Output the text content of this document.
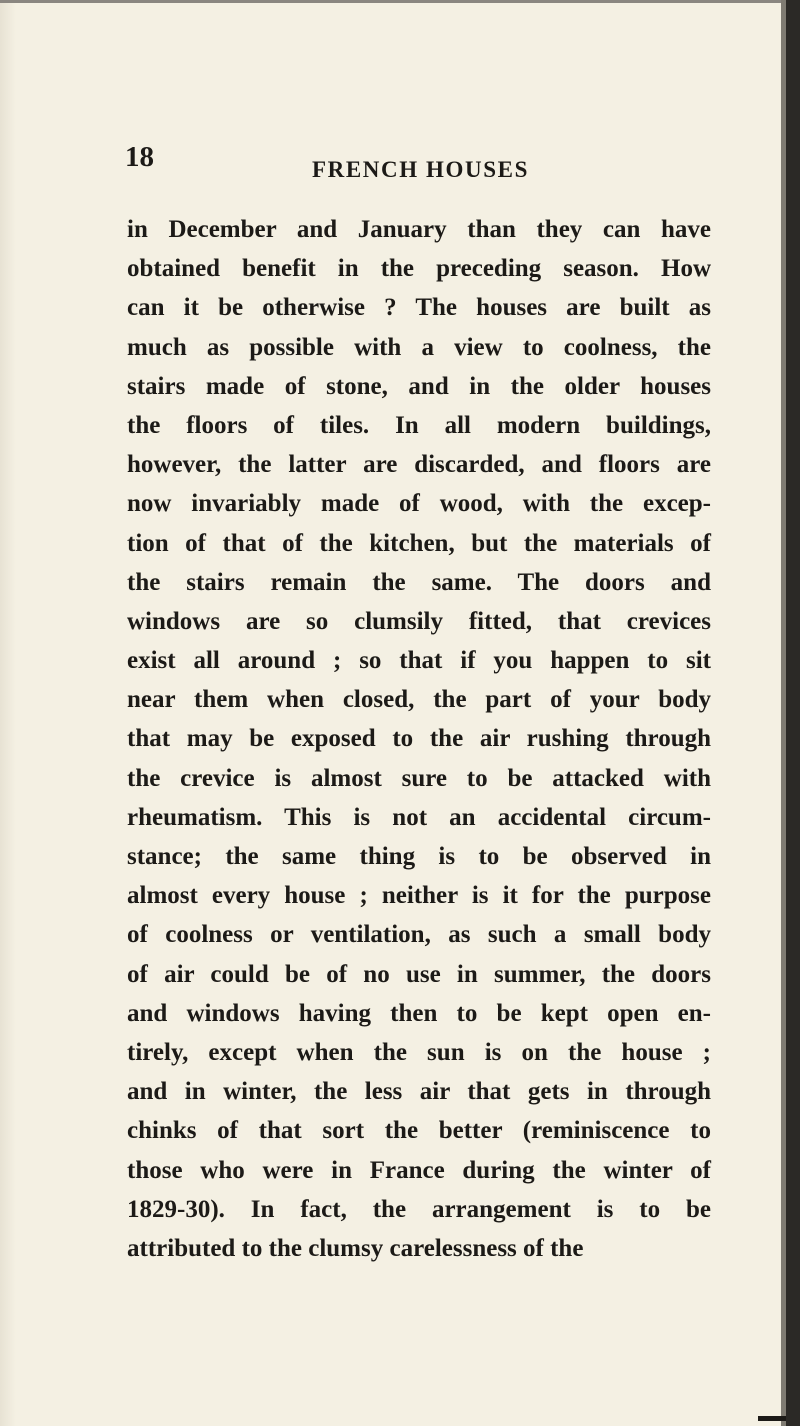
18	FRENCH HOUSES

in December and January than they can have
obtained benefit in the preceding season. How
can it be otherwise ? The houses are built as
much as possible with a view to coolness, the
stairs made of stone, and in the older houses
the floors of tiles. In all modern buildings,
however, the latter are discarded, and floors are
now invariably made of wood, with the excep-
tion of that of the kitchen, but the materials of
the stairs remain the same. The doors and
windows are so clumsily fitted, that crevices
exist all around ; so that if you happen to sit
near them when closed, the part of your body
that may be exposed to the air rushing through
the crevice is almost sure to be attacked with
rheumatism. This is not an accidental circum-
stance; the same thing is to be observed in
almost every house ; neither is it for the purpose
of coolness or ventilation, as such a small body
of air could be of no use in summer, the doors
and windows having then to be kept open en-
tirely, except when the sun is on the house ;
and in winter, the less air that gets in through
chinks of that sort the better (reminiscence to
those who were in France during the winter of
1829-30). In fact, the arrangement is to be
attributed to the clumsy carelessness of the
